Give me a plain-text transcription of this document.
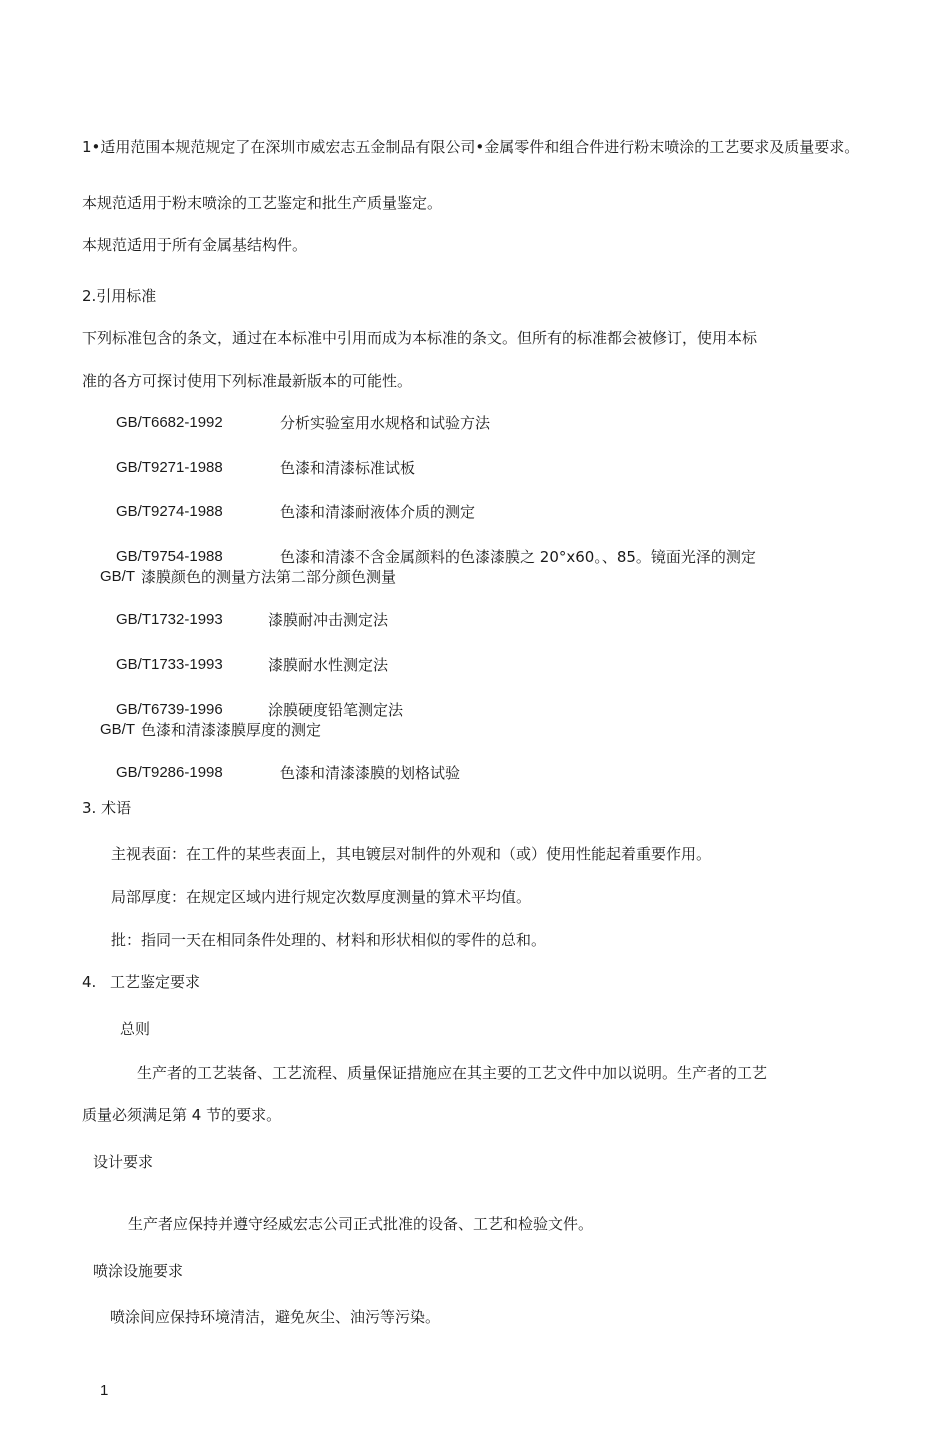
1•适用范围本规范规定了在深圳市威宏志五金制品有限公司•金属零件和组合件进行粉末喷涂的工艺要求及质量要求。

本规范适用于粉末喷涂的工艺鉴定和批生产质量鉴定。

本规范适用于所有金属基结构件。

2.引用标准

下列标准包含的条文，通过在本标准中引用而成为本标准的条文。但所有的标准都会被修订，使用本标

准的各方可探讨使用下列标准最新版本的可能性。

GB/T6682-1992	分析实验室用水规格和试验方法
GB/T9271-1988	色漆和清漆标准试板
GB/T9274-1988	色漆和清漆耐液体介质的测定
GB/T9754-1988	色漆和清漆不含金属颜料的色漆漆膜之 20°x60。、85。镜面光泽的测定
GB/T 漆膜颜色的测量方法第二部分颜色测量
GB/T1732-1993	漆膜耐冲击测定法
GB/T1733-1993	漆膜耐水性测定法
GB/T6739-1996	涂膜硬度铅笔测定法
GB/T 色漆和清漆漆膜厚度的测定
GB/T9286-1998	色漆和清漆漆膜的划格试验

3. 术语

主视表面：在工件的某些表面上，其电镀层对制件的外观和（或）使用性能起着重要作用。

局部厚度：在规定区域内进行规定次数厚度测量的算术平均值。

批：指同一天在相同条件处理的、材料和形状相似的零件的总和。

4. 工艺鉴定要求

总则

生产者的工艺装备、工艺流程、质量保证措施应在其主要的工艺文件中加以说明。生产者的工艺

质量必须满足第 4 节的要求。

设计要求

生产者应保持并遵守经威宏志公司正式批准的设备、工艺和检验文件。

喷涂设施要求

喷涂间应保持环境清洁，避免灰尘、油污等污染。

1
